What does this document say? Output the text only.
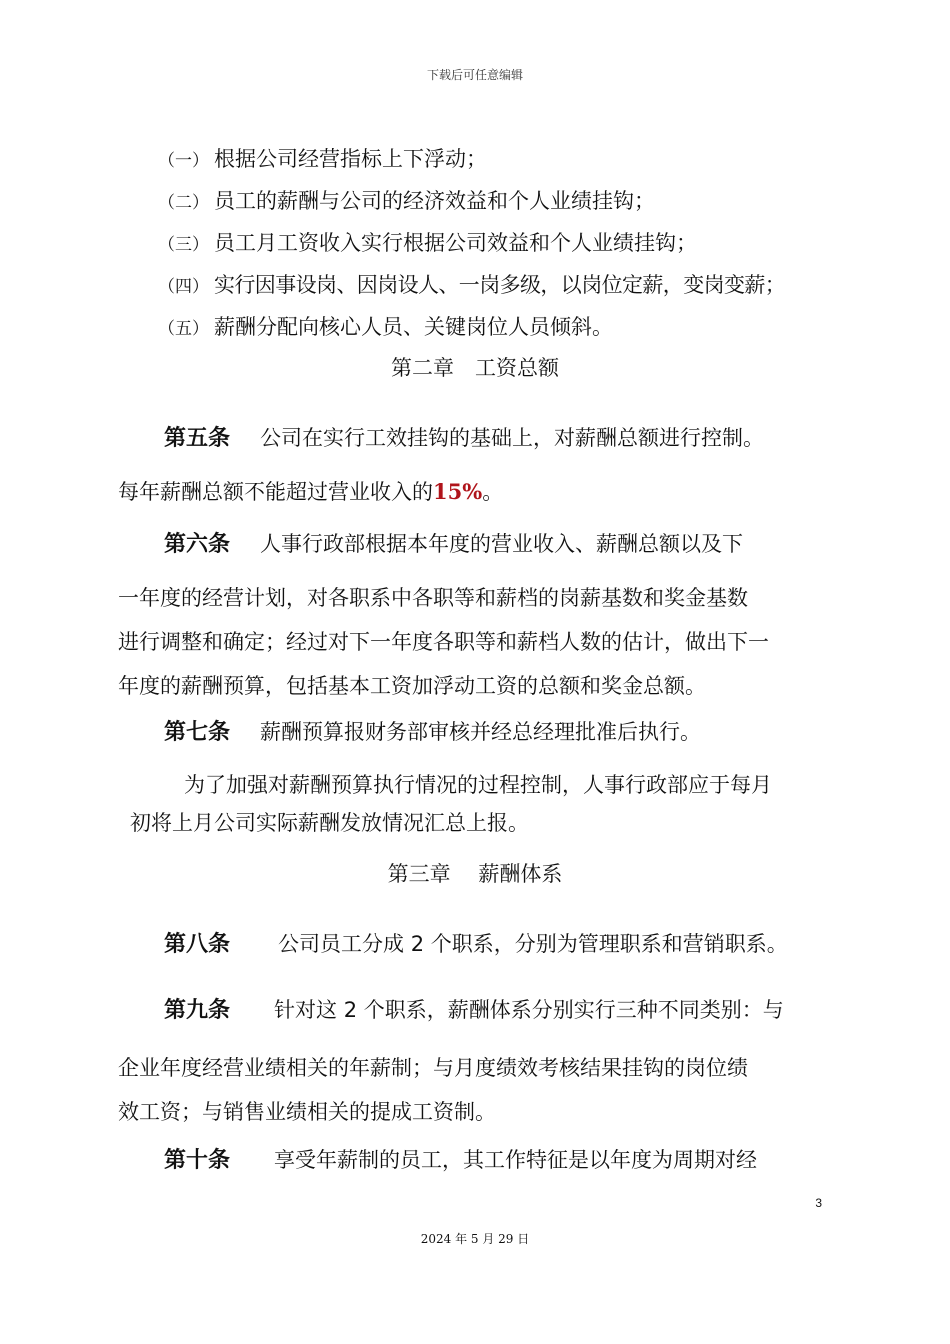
下载后可任意编辑
（一） 根据公司经营指标上下浮动；
（二） 员工的薪酬与公司的经济效益和个人业绩挂钩；
（三） 员工月工资收入实行根据公司效益和个人业绩挂钩；
（四） 实行因事设岗、因岗设人、一岗多级，以岗位定薪，变岗变薪；
（五） 薪酬分配向核心人员、关键岗位人员倾斜。
第二章　工资总额
第五条 公司在实行工效挂钩的基础上，对薪酬总额进行控制。
每年薪酬总额不能超过营业收入的15%。
第六条 人事行政部根据本年度的营业收入、薪酬总额以及下
一年度的经营计划，对各职系中各职等和薪档的岗薪基数和奖金基数
进行调整和确定；经过对下一年度各职等和薪档人数的估计，做出下一
年度的薪酬预算，包括基本工资加浮动工资的总额和奖金总额。
第七条 薪酬预算报财务部审核并经总经理批准后执行。
为了加强对薪酬预算执行情况的过程控制，人事行政部应于每月
初将上月公司实际薪酬发放情况汇总上报。
第三章　 薪酬体系
第八条 公司员工分成 2 个职系，分别为管理职系和营销职系。
第九条 针对这 2 个职系，薪酬体系分别实行三种不同类别：与
企业年度经营业绩相关的年薪制；与月度绩效考核结果挂钩的岗位绩
效工资；与销售业绩相关的提成工资制。
第十条 享受年薪制的员工，其工作特征是以年度为周期对经
3
2024 年 5 月 29 日
